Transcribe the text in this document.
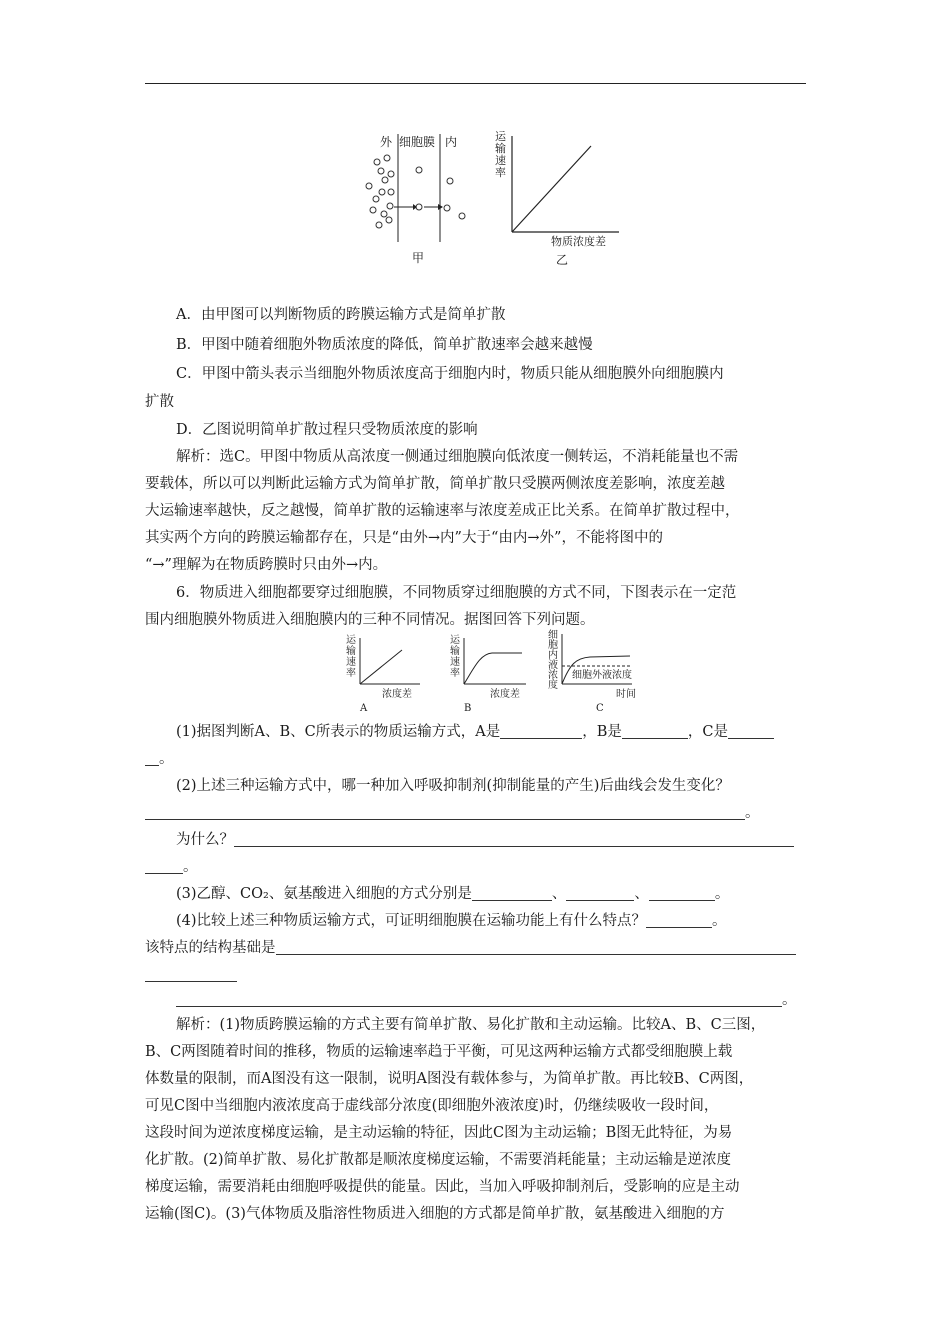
外 细胞膜 内
甲
运
输
速
率
物质浓度差
乙
A．由甲图可以判断物质的跨膜运输方式是简单扩散
B．甲图中随着细胞外物质浓度的降低，简单扩散速率会越来越慢
C．甲图中箭头表示当细胞外物质浓度高于细胞内时，物质只能从细胞膜外向细胞膜内
扩散
D．乙图说明简单扩散过程只受物质浓度的影响
解析：选C。甲图中物质从高浓度一侧通过细胞膜向低浓度一侧转运，不消耗能量也不需
要载体，所以可以判断此运输方式为简单扩散，简单扩散只受膜两侧浓度差影响，浓度差越
大运输速率越快，反之越慢，简单扩散的运输速率与浓度差成正比关系。在简单扩散过程中，
其实两个方向的跨膜运输都存在，只是“由外→内”大于“由内→外”，不能将图中的
“→”理解为在物质跨膜时只由外→内。
6．物质进入细胞都要穿过细胞膜，不同物质穿过细胞膜的方式不同，下图表示在一定范
围内细胞膜外物质进入细胞膜内的三种不同情况。据图回答下列问题。
运
输
速
率
浓度差
A
运
输
速
率
浓度差
B
细
胞
内
液
浓
度
细胞外液浓度
时间
C
(1)据图判断A、B、C所表示的物质运输方式，A是	，B是	，C是
。
(2)上述三种运输方式中，哪一种加入呼吸抑制剂(抑制能量的产生)后曲线会发生变化？
。
为什么？
。
(3)乙醇、CO₂、氨基酸进入细胞的方式分别是	、	、	。
(4)比较上述三种物质运输方式，可证明细胞膜在运输功能上有什么特点？	。
该特点的结构基础是
。
解析：(1)物质跨膜运输的方式主要有简单扩散、易化扩散和主动运输。比较A、B、C三图，
B、C两图随着时间的推移，物质的运输速率趋于平衡，可见这两种运输方式都受细胞膜上载
体数量的限制，而A图没有这一限制，说明A图没有载体参与，为简单扩散。再比较B、C两图，
可见C图中当细胞内液浓度高于虚线部分浓度(即细胞外液浓度)时，仍继续吸收一段时间，
这段时间为逆浓度梯度运输，是主动运输的特征，因此C图为主动运输；B图无此特征，为易
化扩散。(2)简单扩散、易化扩散都是顺浓度梯度运输，不需要消耗能量；主动运输是逆浓度
梯度运输，需要消耗由细胞呼吸提供的能量。因此，当加入呼吸抑制剂后，受影响的应是主动
运输(图C)。(3)气体物质及脂溶性物质进入细胞的方式都是简单扩散，氨基酸进入细胞的方
